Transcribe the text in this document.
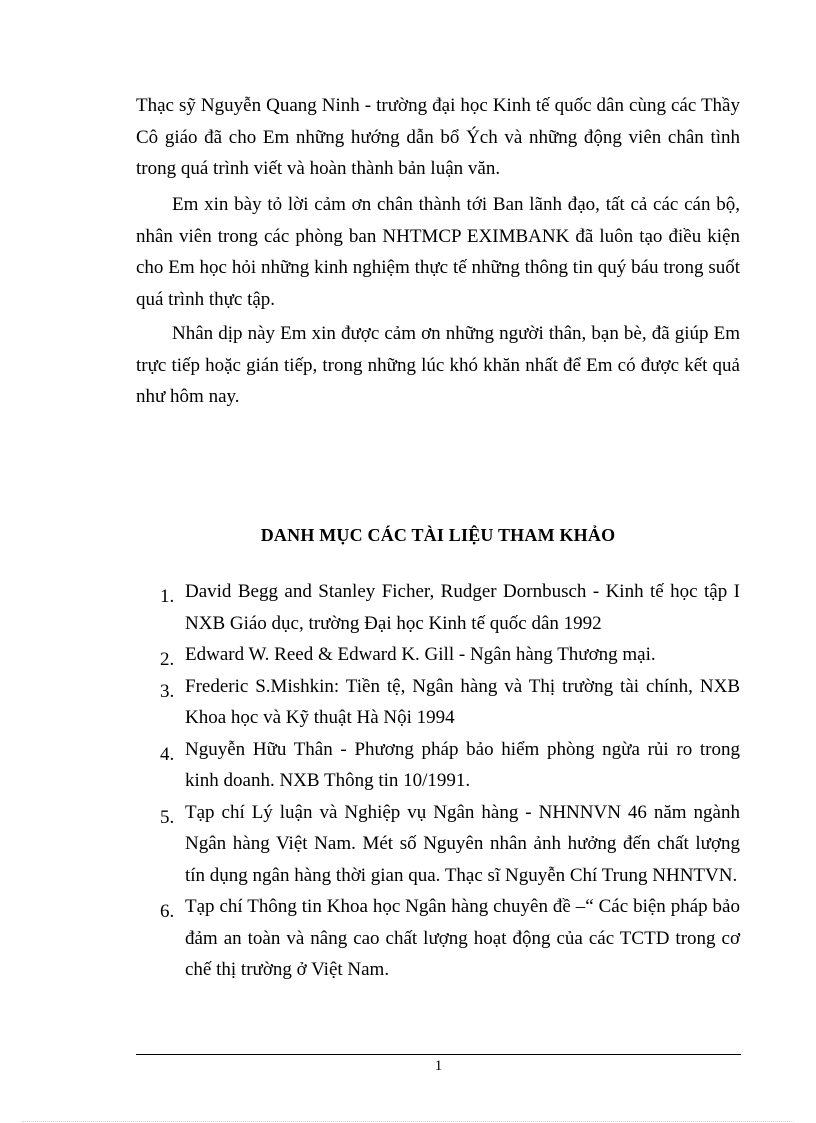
Thạc sỹ Nguyễn Quang Ninh - trường đại học Kinh tế quốc dân cùng các Thầy Cô giáo đã cho Em những hướng dẫn bổ Ých và những động viên chân tình trong quá trình viết và hoàn thành bản luận văn.

Em xin bày tỏ lời cảm ơn chân thành tới Ban lãnh đạo, tất cả các cán bộ, nhân viên trong các phòng ban NHTMCP EXIMBANK đã luôn tạo điều kiện cho Em học hỏi những kinh nghiệm thực tế những thông tin quý báu trong suốt quá trình thực tập.

Nhân dịp này Em xin được cảm ơn những người thân, bạn bè, đã giúp Em trực tiếp hoặc gián tiếp, trong những lúc khó khăn nhất để Em có được kết quả như hôm nay.

DANH MỤC CÁC TÀI LIỆU THAM KHẢO
1. David Begg and Stanley Ficher, Rudger Dornbusch - Kinh tế học tập I NXB Giáo dục, trường Đại học Kinh tế quốc dân 1992
2. Edward W. Reed & Edward K. Gill - Ngân hàng Thương mại.
3. Frederic S.Mishkin: Tiền tệ, Ngân hàng và Thị trường tài chính, NXB Khoa học và Kỹ thuật Hà Nội 1994
4. Nguyễn Hữu Thân - Phương pháp bảo hiểm phòng ngừa rủi ro trong kinh doanh. NXB Thông tin 10/1991.
5. Tạp chí Lý luận và Nghiệp vụ Ngân hàng - NHNNVN 46 năm ngành Ngân hàng Việt Nam. Mét số Nguyên nhân ảnh hưởng đến chất lượng tín dụng ngân hàng thời gian qua. Thạc sĩ Nguyễn Chí Trung NHNTVN.
6. Tạp chí Thông tin Khoa học Ngân hàng chuyên đề –“ Các biện pháp bảo đảm an toàn và nâng cao chất lượng hoạt động của các TCTD trong cơ chế thị trường ở Việt Nam.
1
